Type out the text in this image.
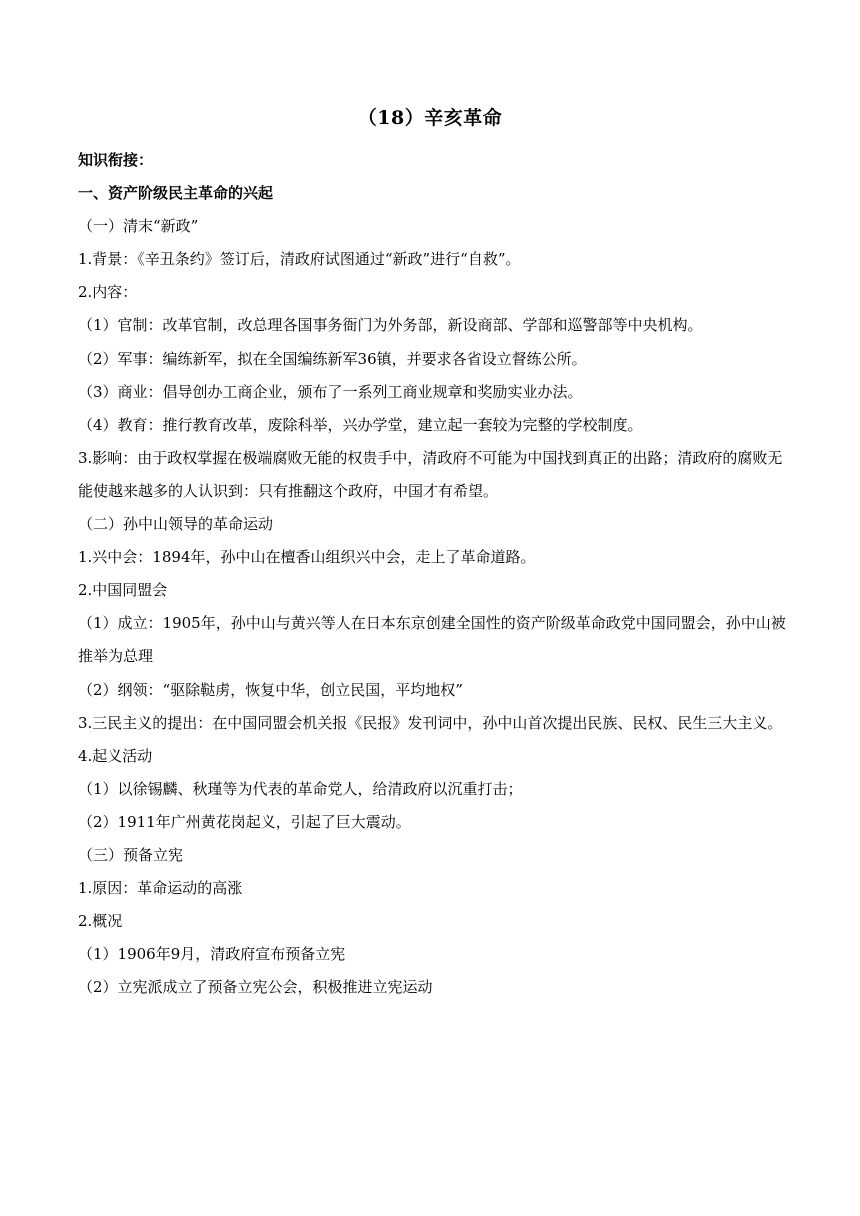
（18）辛亥革命
知识衔接：
一、资产阶级民主革命的兴起
（一）清末“新政”
1.背景：《辛丑条约》签订后，清政府试图通过“新政”进行“自救”。
2.内容：
（1）官制：改革官制，改总理各国事务衙门为外务部，新设商部、学部和巡警部等中央机构。
（2）军事：编练新军，拟在全国编练新军36镇，并要求各省设立督练公所。
（3）商业：倡导创办工商企业，颁布了一系列工商业规章和奖励实业办法。
（4）教育：推行教育改革，废除科举，兴办学堂，建立起一套较为完整的学校制度。
3.影响：由于政权掌握在极端腐败无能的权贵手中，清政府不可能为中国找到真正的出路；清政府的腐败无能使越来越多的人认识到：只有推翻这个政府，中国才有希望。
（二）孙中山领导的革命运动
1.兴中会：1894年，孙中山在檀香山组织兴中会，走上了革命道路。
2.中国同盟会
（1）成立：1905年，孙中山与黄兴等人在日本东京创建全国性的资产阶级革命政党中国同盟会，孙中山被推举为总理
（2）纲领：“驱除鞑虏，恢复中华，创立民国，平均地权”
3.三民主义的提出：在中国同盟会机关报《民报》发刊词中，孙中山首次提出民族、民权、民生三大主义。
4.起义活动
（1）以徐锡麟、秋瑾等为代表的革命党人，给清政府以沉重打击；
（2）1911年广州黄花岗起义，引起了巨大震动。
（三）预备立宪
1.原因：革命运动的高涨
2.概况
（1）1906年9月，清政府宣布预备立宪
（2）立宪派成立了预备立宪公会，积极推进立宪运动
